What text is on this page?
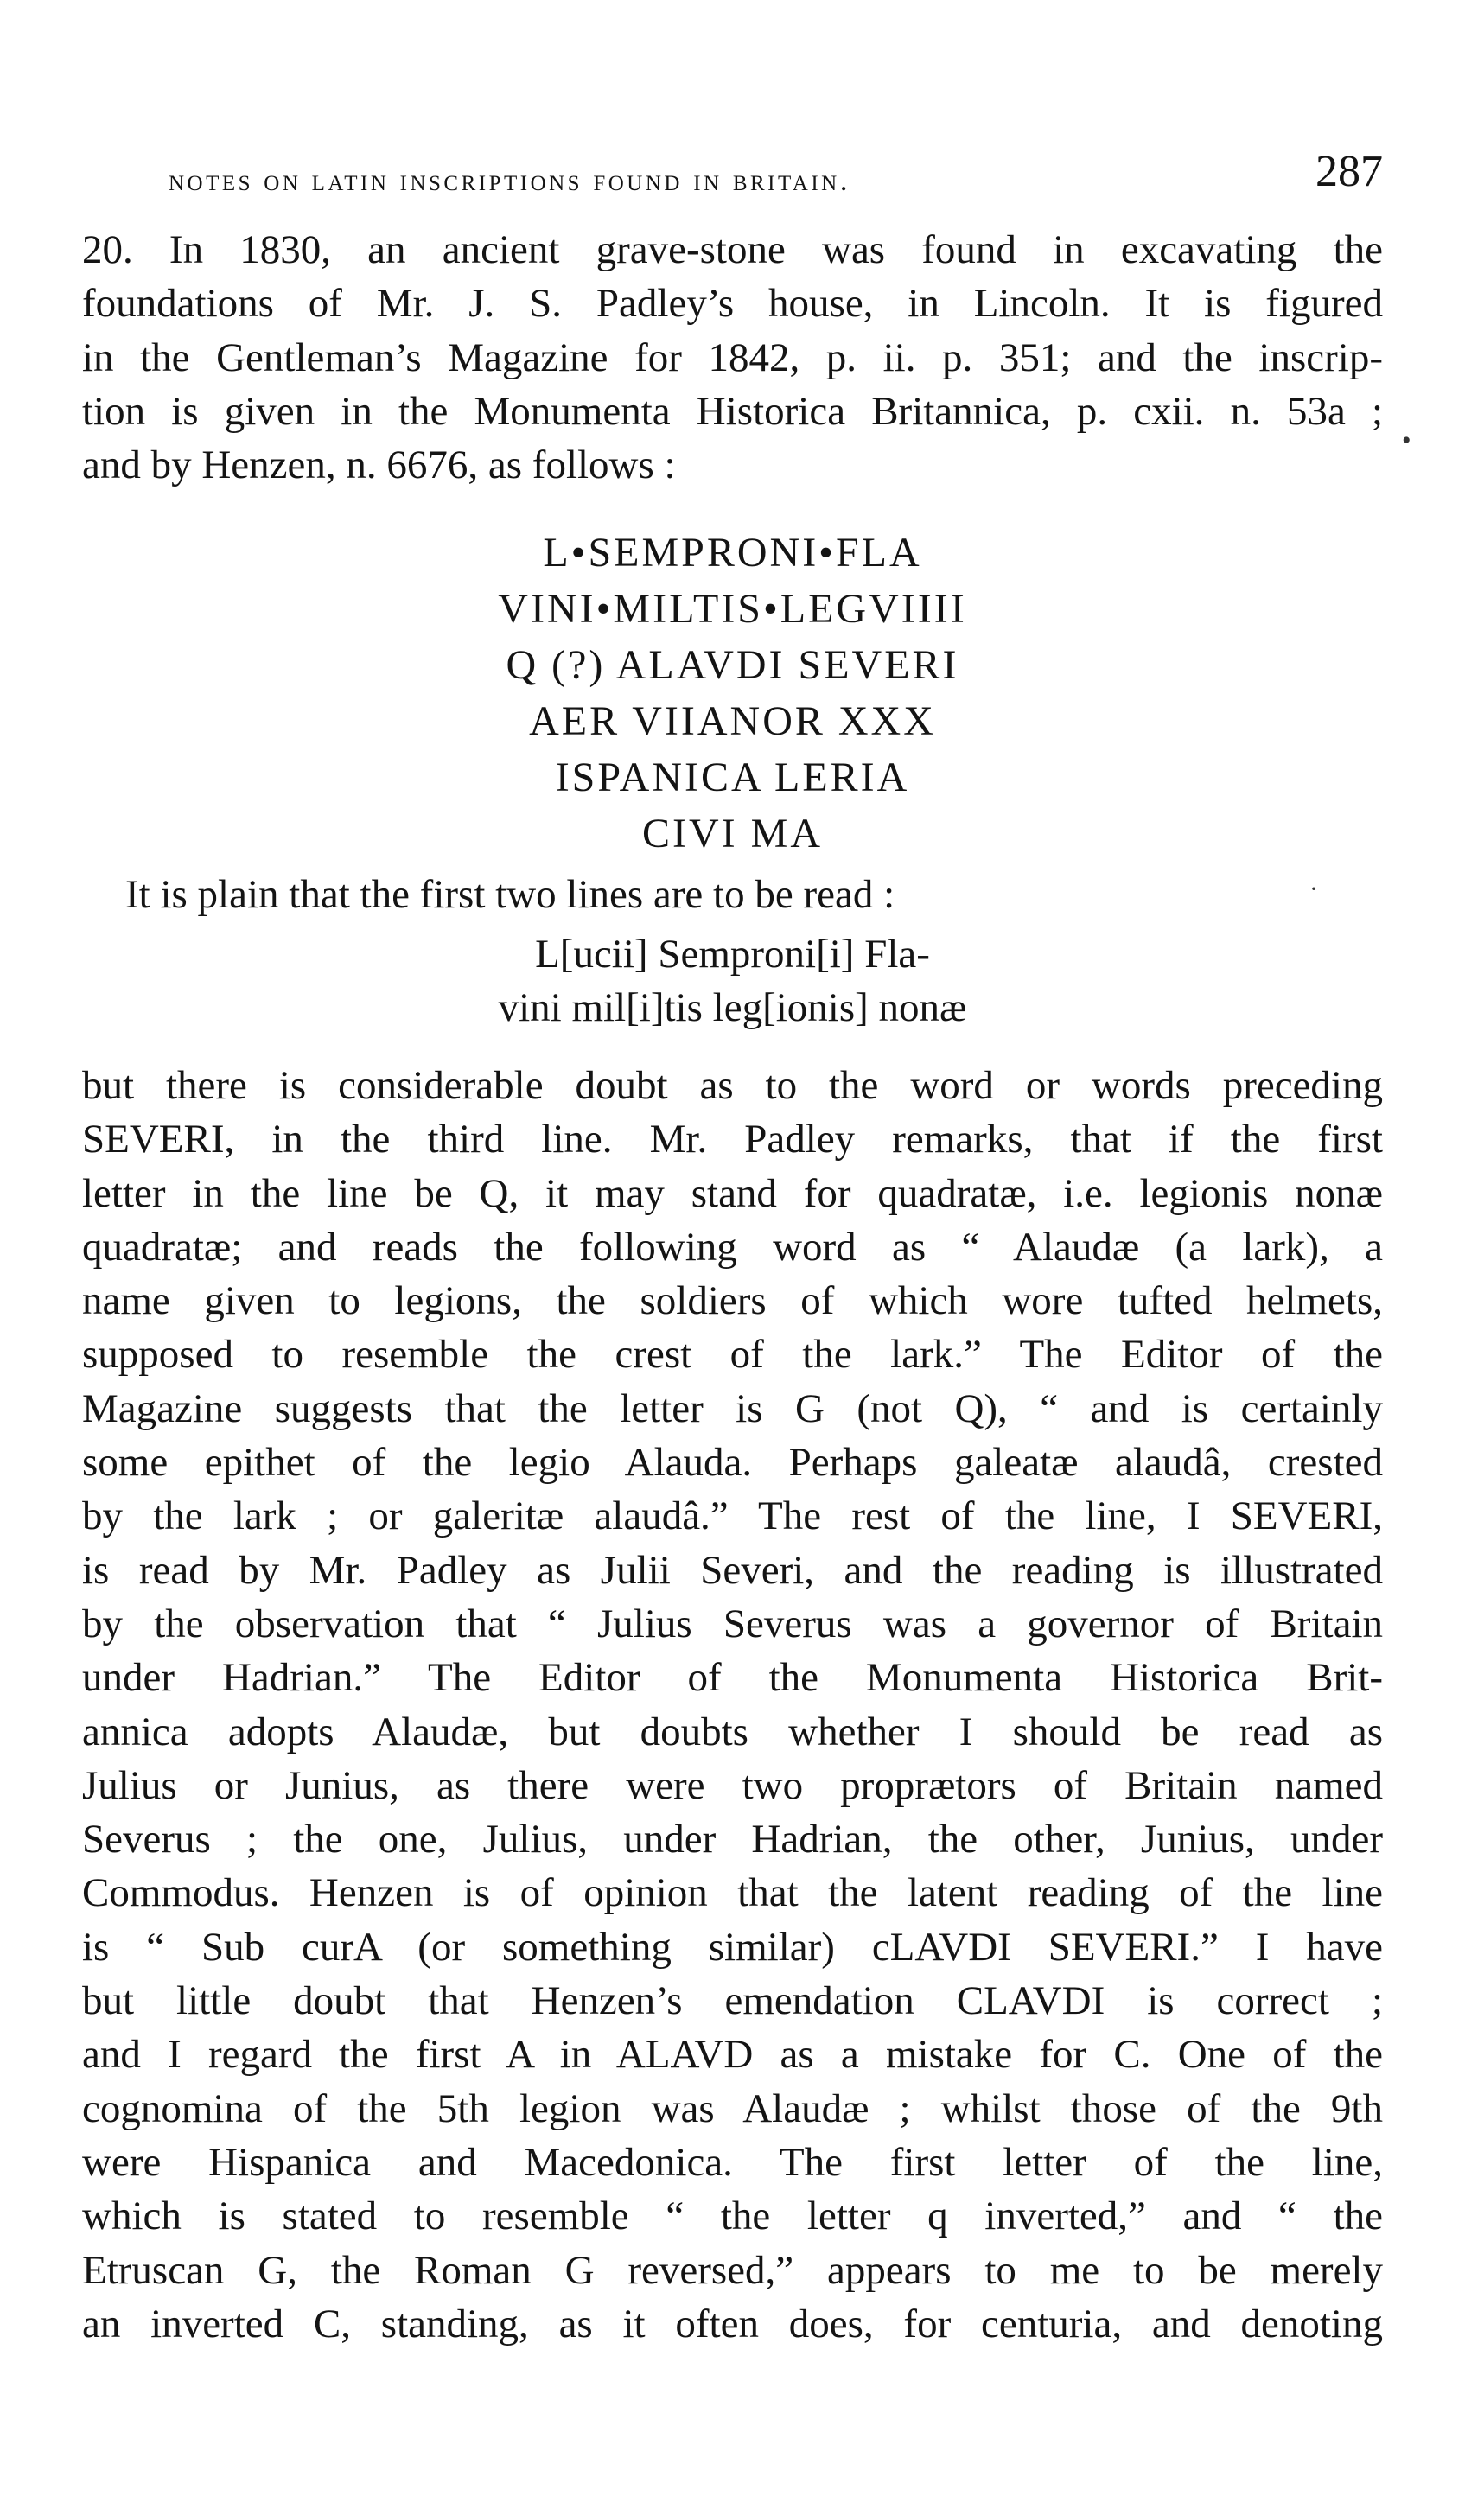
notes on latin inscriptions found in britain.	287
20. In 1830, an ancient grave-stone was found in excavating the
foundations of Mr. J. S. Padley’s house, in Lincoln. It is figured
in the Gentleman’s Magazine for 1842, p. ii. p. 351; and the inscrip-
tion is given in the Monumenta Historica Britannica, p. cxii. n. 53a ;
and by Henzen, n. 6676, as follows :
•
L•SEMPRONI•FLA
VINI•MILTIS•LEGVIIII
Q (?) ALAVDI SEVERI
AER VIIANOR XXX
ISPANICA LERIA
CIVI MA
It is plain that the first two lines are to be read :	·
L[ucii] Semproni[i] Fla-
vini mil[i]tis leg[ionis] nonæ
but there is considerable doubt as to the word or words preceding
SEVERI, in the third line. Mr. Padley remarks, that if the first
letter in the line be Q, it may stand for quadratæ, i.e. legionis nonæ
quadratæ; and reads the following word as “ Alaudæ (a lark), a
name given to legions, the soldiers of which wore tufted helmets,
supposed to resemble the crest of the lark.” The Editor of the
Magazine suggests that the letter is G (not Q), “ and is certainly
some epithet of the legio Alauda. Perhaps galeatæ alaudâ, crested
by the lark ; or galeritæ alaudâ.” The rest of the line, I SEVERI,
is read by Mr. Padley as Julii Severi, and the reading is illustrated
by the observation that “ Julius Severus was a governor of Britain
under Hadrian.” The Editor of the Monumenta Historica Brit-
annica adopts Alaudæ, but doubts whether I should be read as
Julius or Junius, as there were two proprætors of Britain named
Severus ; the one, Julius, under Hadrian, the other, Junius, under
Commodus. Henzen is of opinion that the latent reading of the line
is “ Sub curA (or something similar) cLAVDI SEVERI.” I have
but little doubt that Henzen’s emendation CLAVDI is correct ;
and I regard the first A in ALAVD as a mistake for C. One of the
cognomina of the 5th legion was Alaudæ ; whilst those of the 9th
were Hispanica and Macedonica. The first letter of the line,
which is stated to resemble “ the letter q inverted,” and “ the
Etruscan G, the Roman G reversed,” appears to me to be merely
an inverted C, standing, as it often does, for centuria, and denoting
